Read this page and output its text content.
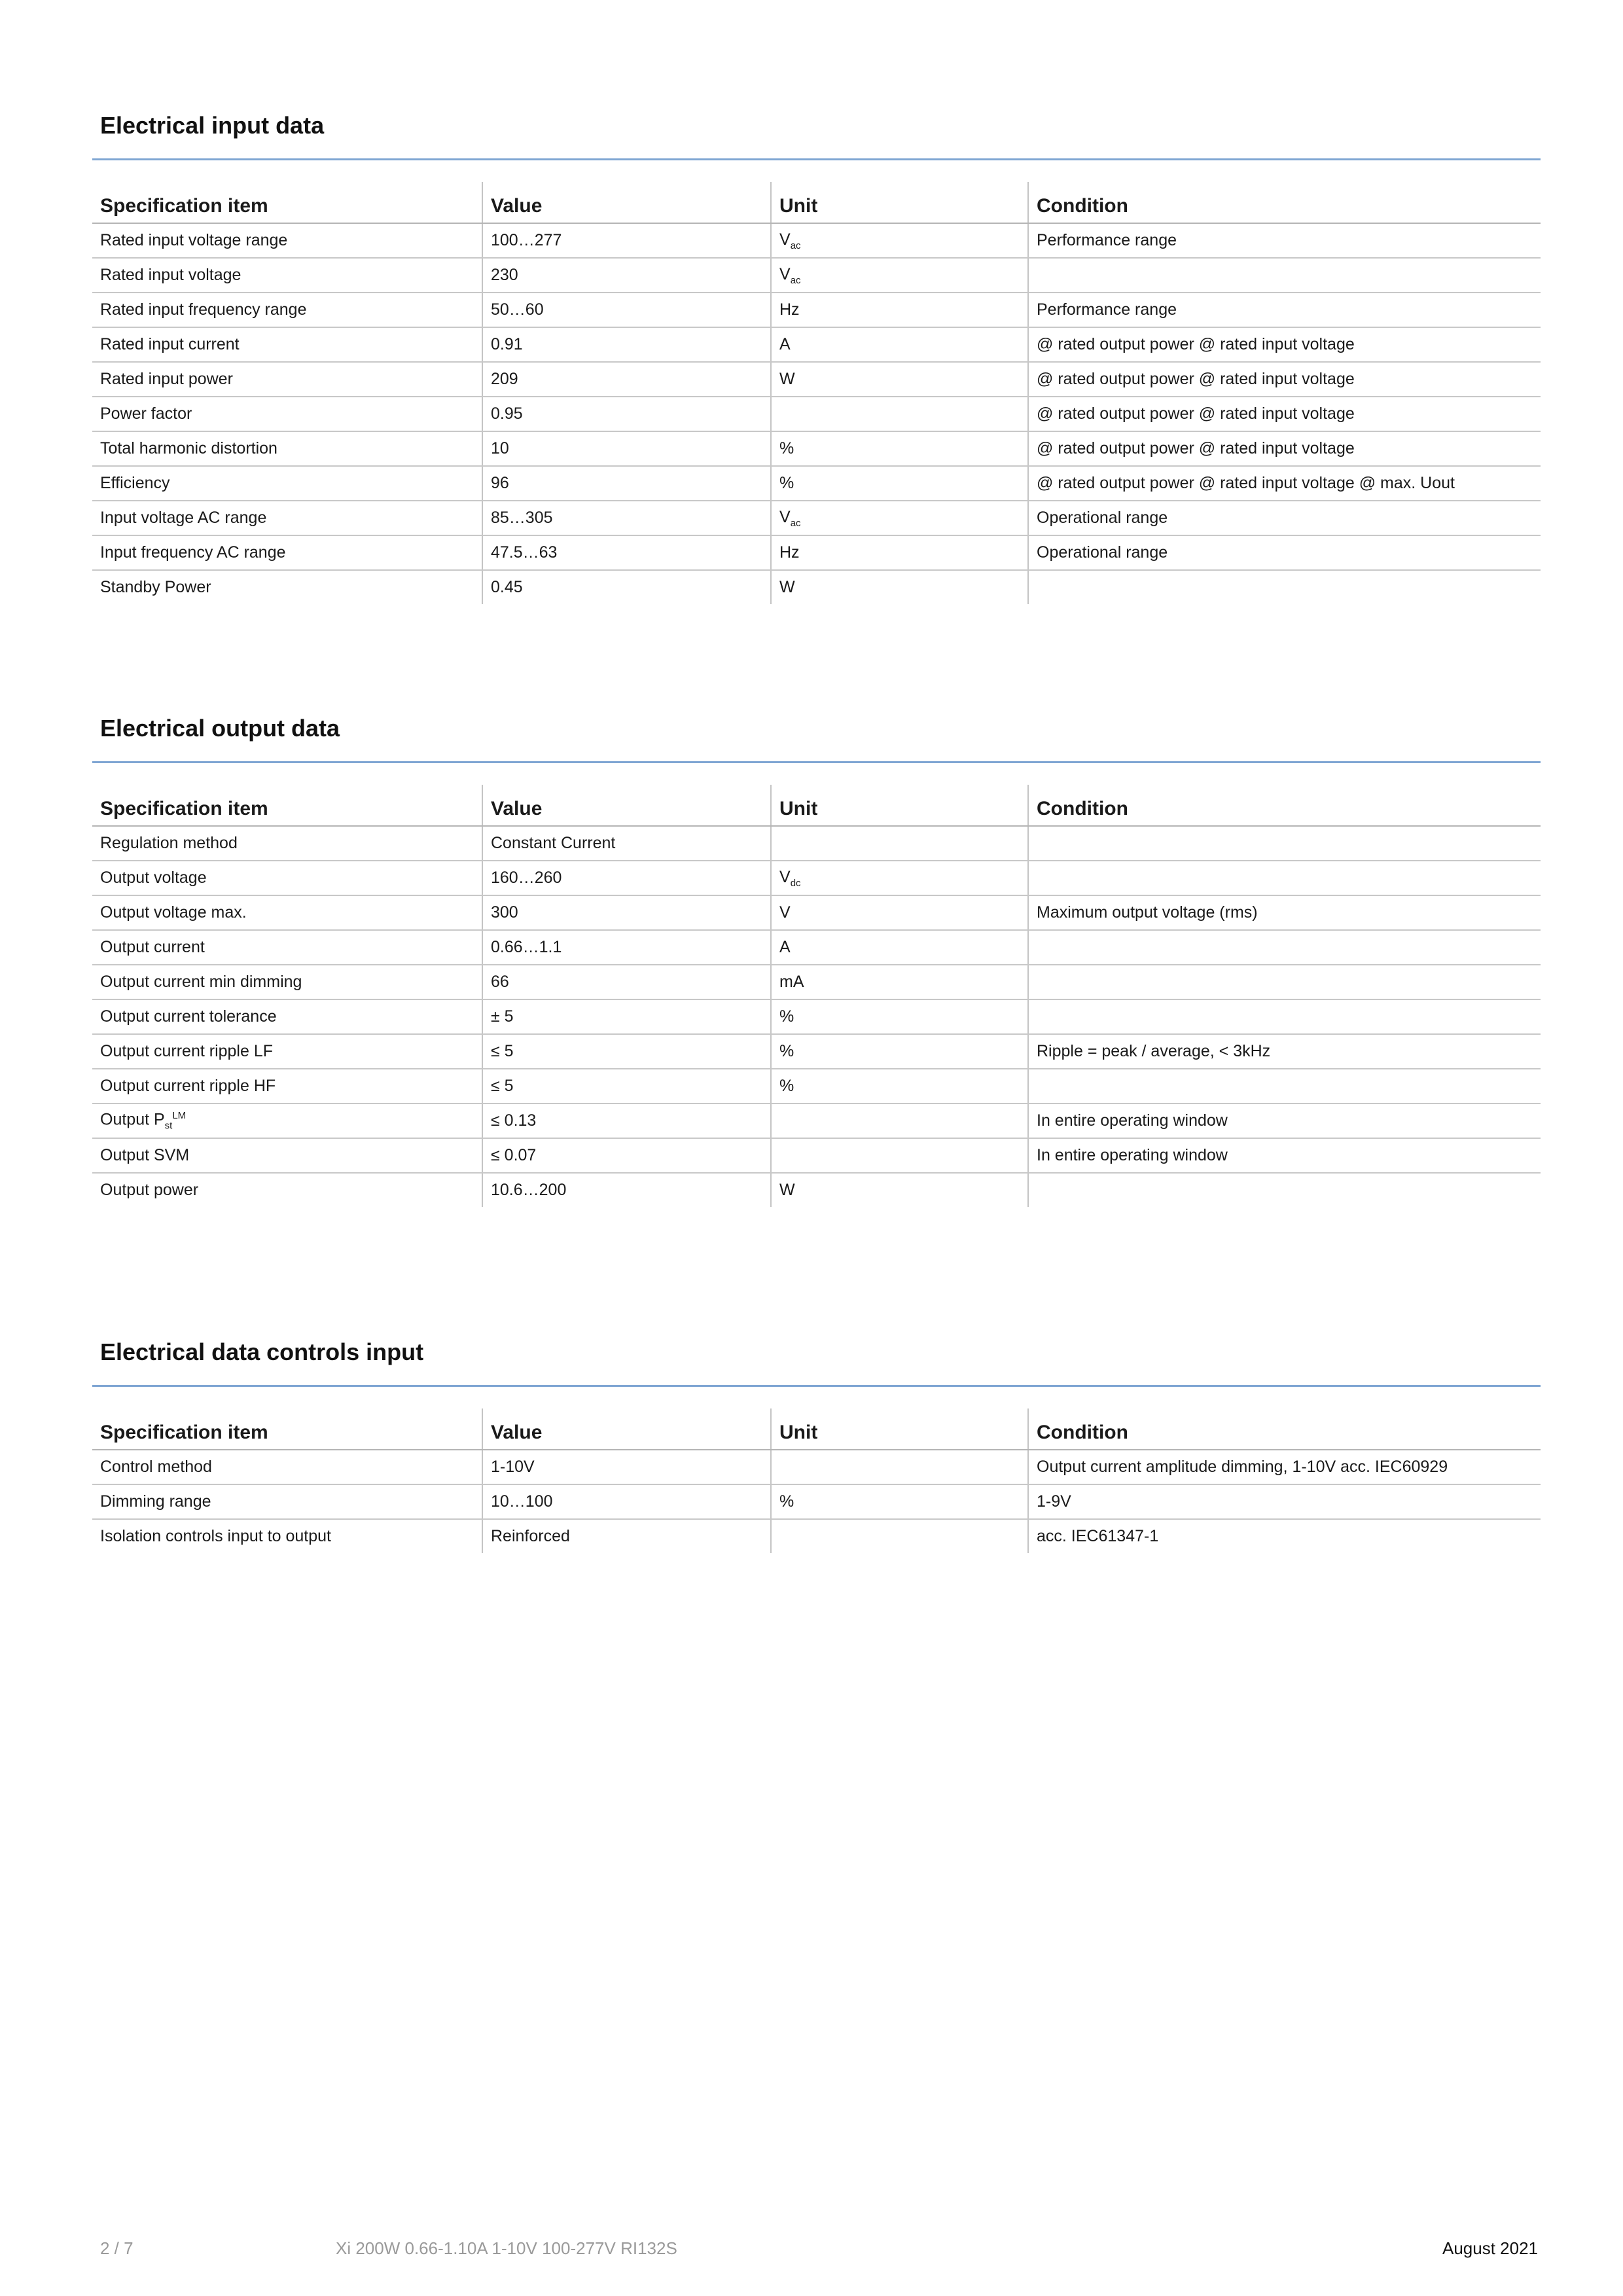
Electrical input data
Specification item	Value	Unit	Condition
Rated input voltage range	100…277	$V_{ac}$	Performance range
Rated input voltage	230	$V_{ac}$	
Rated input frequency range	50…60	Hz	Performance range
Rated input current	0.91	A	@ rated output power @ rated input voltage
Rated input power	209	W	@ rated output power @ rated input voltage
Power factor	0.95		@ rated output power @ rated input voltage
Total harmonic distortion	10	%	@ rated output power @ rated input voltage
Efficiency	96	%	@ rated output power @ rated input voltage @ max. Uout
Input voltage AC range	85…305	$V_{ac}$	Operational range
Input frequency AC range	47.5…63	Hz	Operational range
Standby Power	0.45	W	
Electrical output data
Specification item	Value	Unit	Condition
Regulation method	Constant Current		
Output voltage	160…260	$V_{dc}$	
Output voltage max.	300	V	Maximum output voltage (rms)
Output current	0.66…1.1	A	
Output current min dimming	66	mA	
Output current tolerance	± 5	%	
Output current ripple LF	≤ 5	%	Ripple = peak / average, < 3kHz
Output current ripple HF	≤ 5	%	
Output $P_{st}^{LM}$	≤ 0.13		In entire operating window
Output SVM	≤ 0.07		In entire operating window
Output power	10.6…200	W	
Electrical data controls input
Specification item	Value	Unit	Condition
Control method	1-10V		Output current amplitude dimming, 1-10V acc. IEC60929
Dimming range	10…100	%	1-9V
Isolation controls input to output	Reinforced		acc. IEC61347-1
2 / 7	Xi 200W 0.66-1.10A 1-10V 100-277V RI132S	August 2021
